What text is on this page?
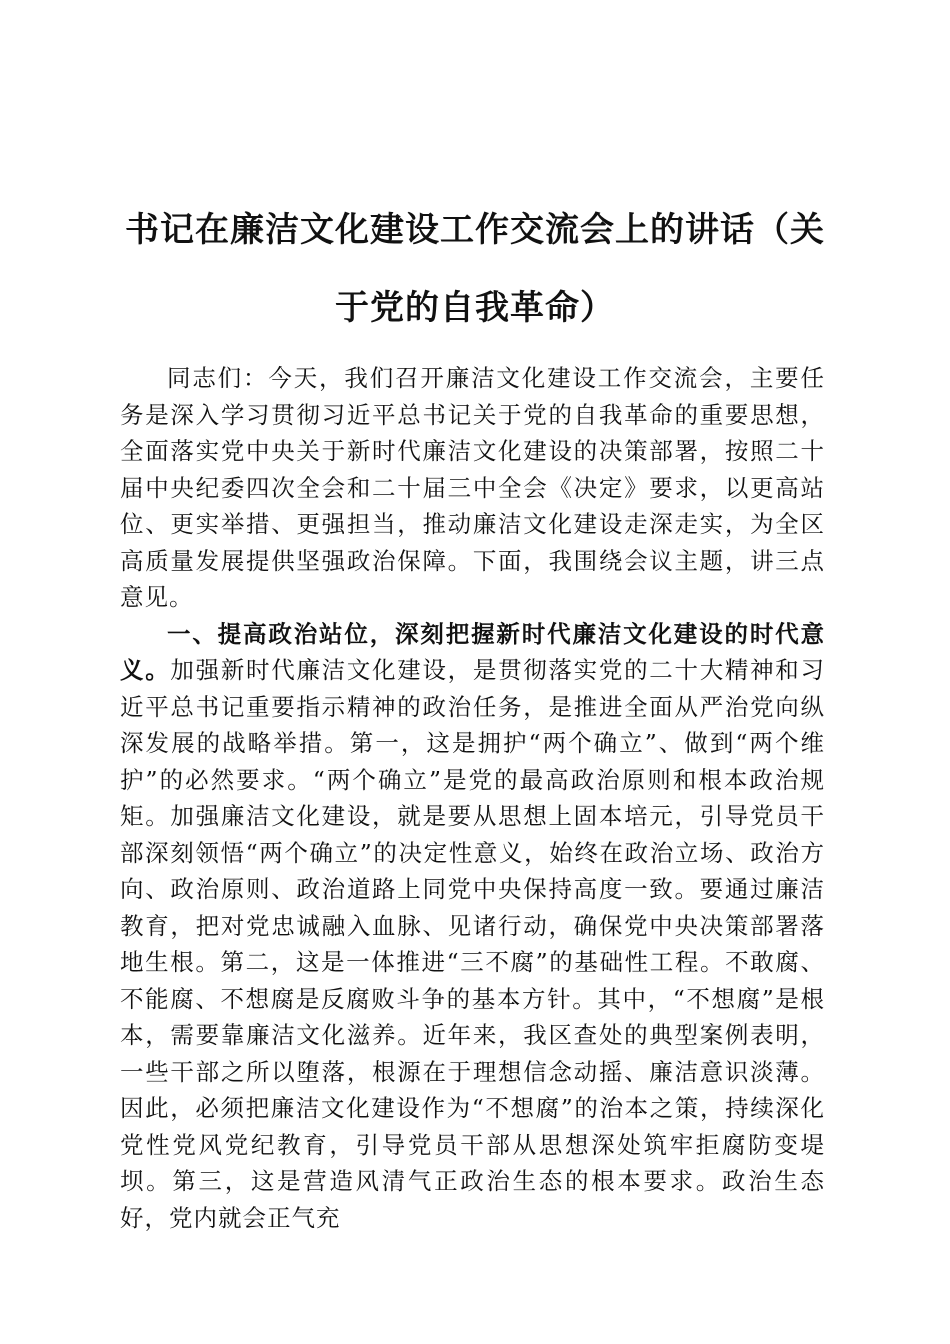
书记在廉洁文化建设工作交流会上的讲话（关
于党的自我革命）

同志们：今天，我们召开廉洁文化建设工作交流会，主要任务是深入学习贯彻习近平总书记关于党的自我革命的重要思想，全面落实党中央关于新时代廉洁文化建设的决策部署，按照二十届中央纪委四次全会和二十届三中全会《决定》要求，以更高站位、更实举措、更强担当，推动廉洁文化建设走深走实，为全区高质量发展提供坚强政治保障。下面，我围绕会议主题，讲三点意见。

一、提高政治站位，深刻把握新时代廉洁文化建设的时代意义。加强新时代廉洁文化建设，是贯彻落实党的二十大精神和习近平总书记重要指示精神的政治任务，是推进全面从严治党向纵深发展的战略举措。第一，这是拥护“两个确立”、做到“两个维护”的必然要求。“两个确立”是党的最高政治原则和根本政治规矩。加强廉洁文化建设，就是要从思想上固本培元，引导党员干部深刻领悟“两个确立”的决定性意义，始终在政治立场、政治方向、政治原则、政治道路上同党中央保持高度一致。要通过廉洁教育，把对党忠诚融入血脉、见诸行动，确保党中央决策部署落地生根。第二，这是一体推进“三不腐”的基础性工程。不敢腐、不能腐、不想腐是反腐败斗争的基本方针。其中，“不想腐”是根本，需要靠廉洁文化滋养。近年来，我区查处的典型案例表明，一些干部之所以堕落，根源在于理想信念动摇、廉洁意识淡薄。因此，必须把廉洁文化建设作为“不想腐”的治本之策，持续深化党性党风党纪教育，引导党员干部从思想深处筑牢拒腐防变堤坝。第三，这是营造风清气正政治生态的根本要求。政治生态好，党内就会正气充
